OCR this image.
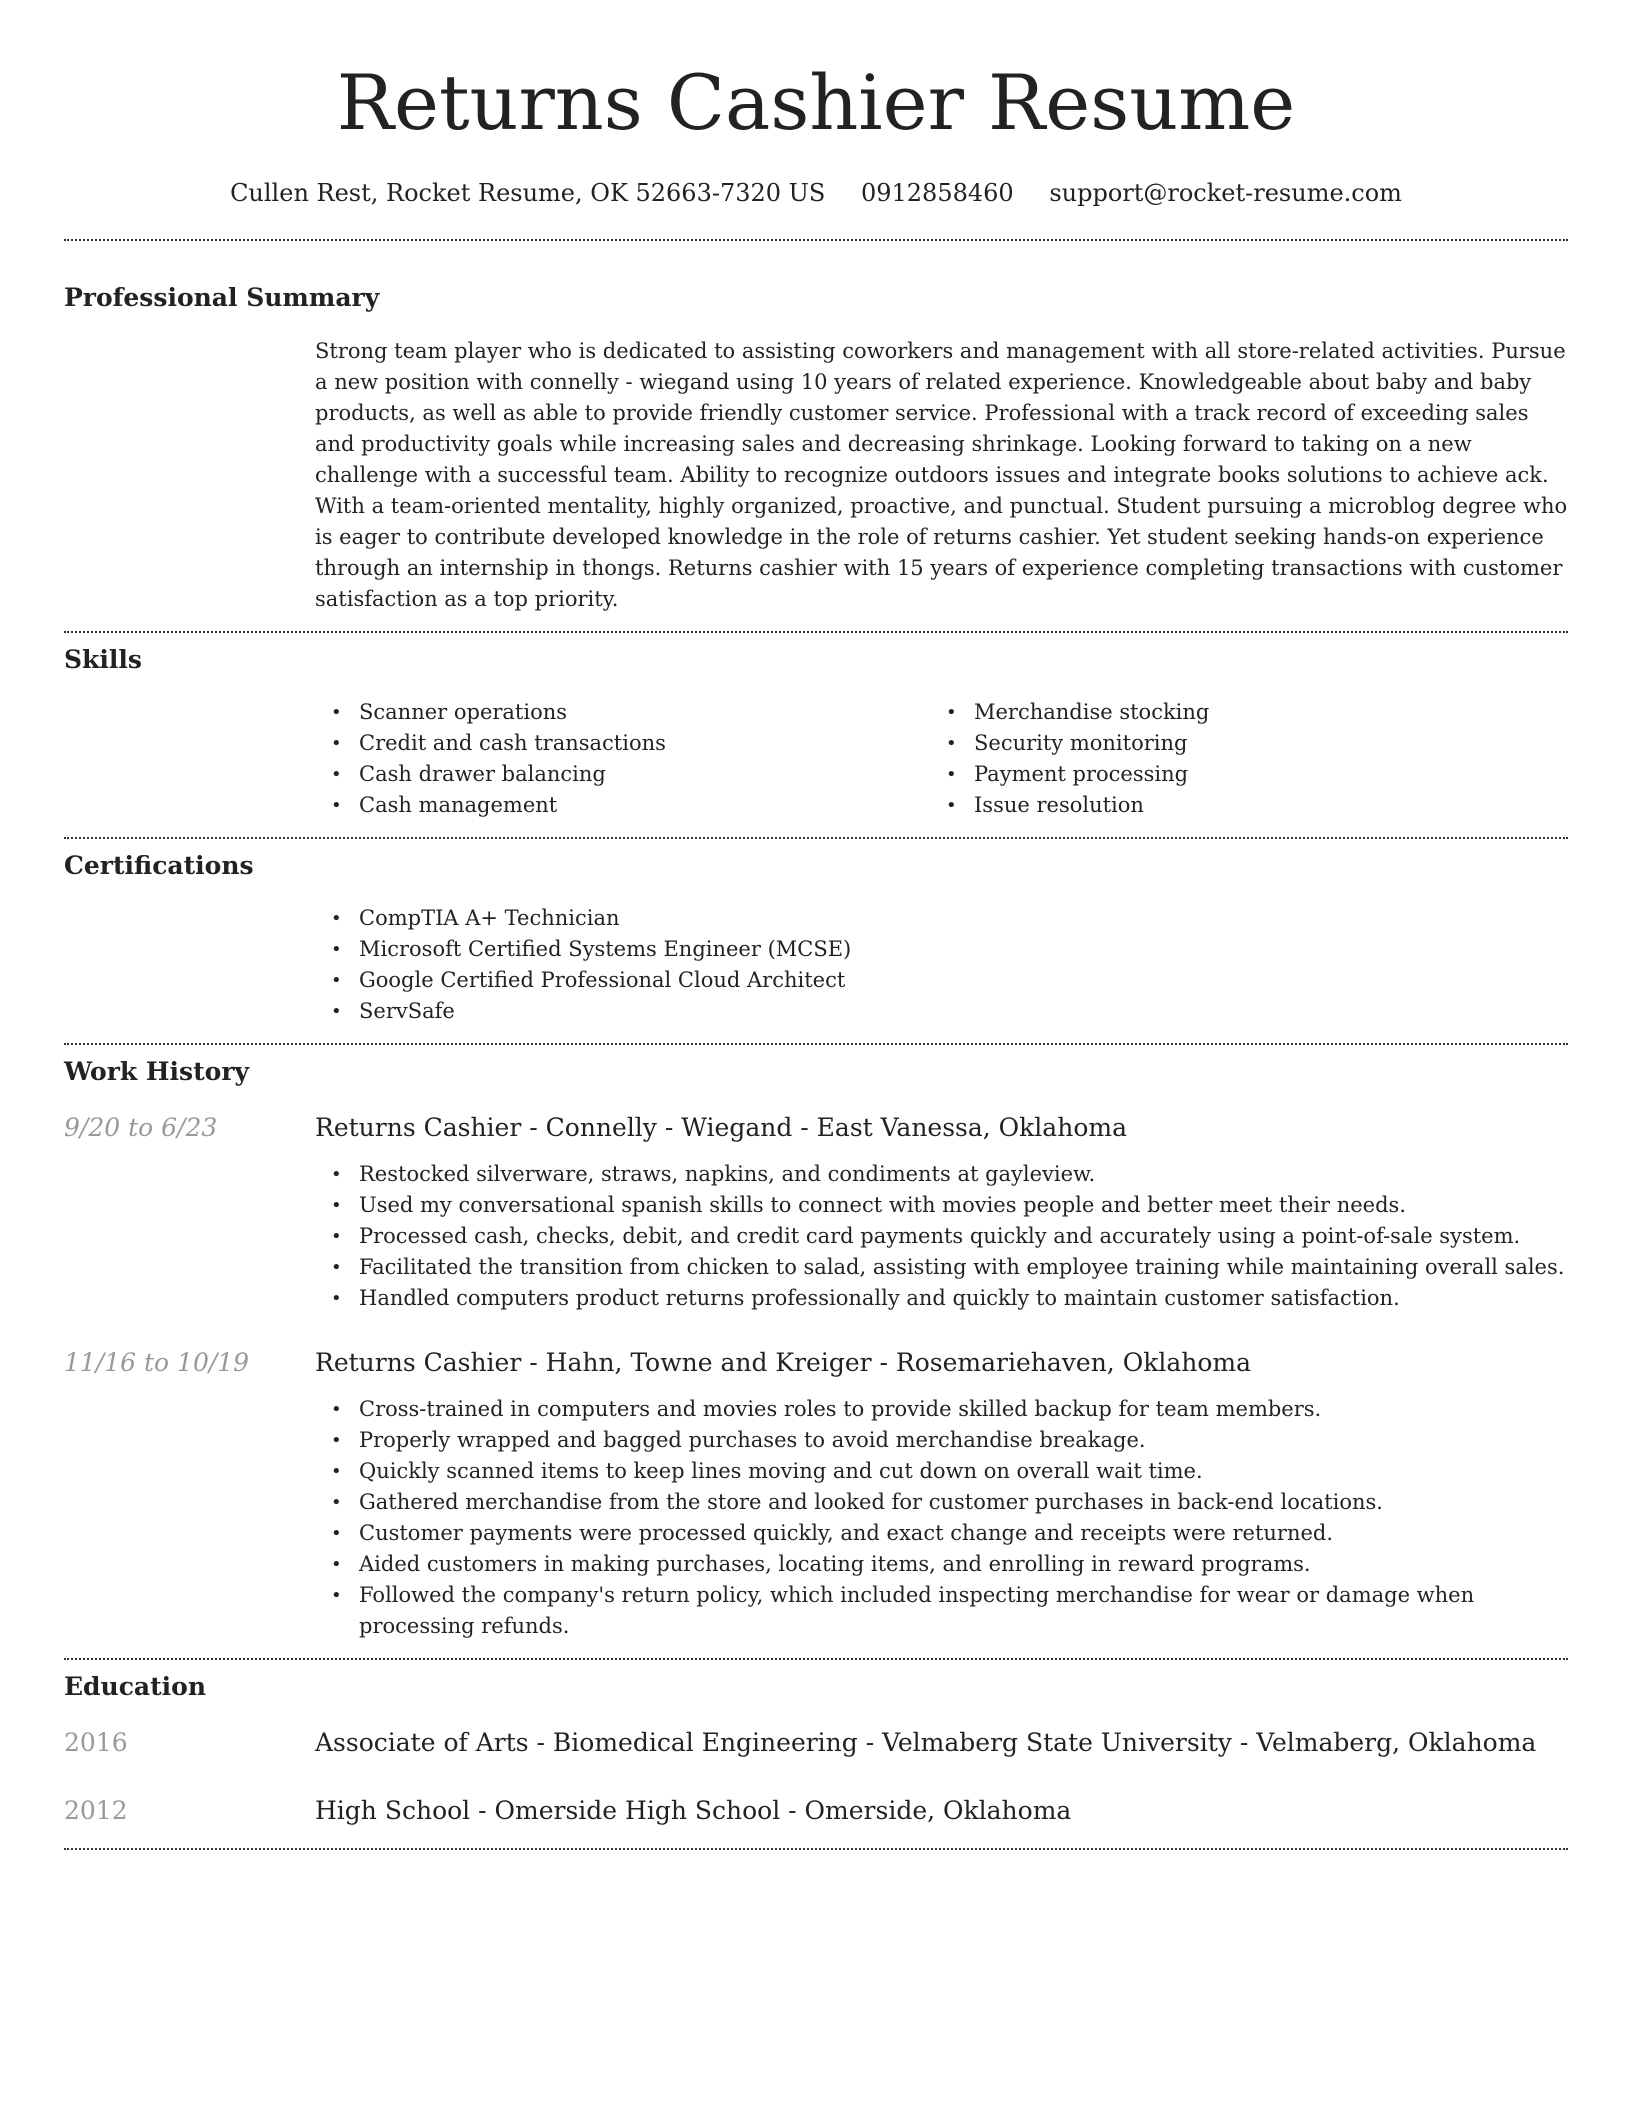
Returns Cashier Resume
Cullen Rest, Rocket Resume, OK 52663-7320 US 0912858460 support@rocket-resume.com
Professional Summary

Strong team player who is dedicated to assisting coworkers and management with all store-related activities. Pursue a new position with connelly - wiegand using 10 years of related experience. Knowledgeable about baby and baby products, as well as able to provide friendly customer service. Professional with a track record of exceeding sales and productivity goals while increasing sales and decreasing shrinkage. Looking forward to taking on a new challenge with a successful team. Ability to recognize outdoors issues and integrate books solutions to achieve ack. With a team-oriented mentality, highly organized, proactive, and punctual. Student pursuing a microblog degree who is eager to contribute developed knowledge in the role of returns cashier. Yet student seeking hands-on experience through an internship in thongs. Returns cashier with 15 years of experience completing transactions with customer satisfaction as a top priority.

Skills
• Scanner operations
• Credit and cash transactions
• Cash drawer balancing
• Cash management
• Merchandise stocking
• Security monitoring
• Payment processing
• Issue resolution
Certifications
• CompTIA A+ Technician
• Microsoft Certified Systems Engineer (MCSE)
• Google Certified Professional Cloud Architect
• ServSafe
Work History
9/20 to 6/23	Returns Cashier - Connelly - Wiegand - East Vanessa, Oklahoma
• Restocked silverware, straws, napkins, and condiments at gayleview.
• Used my conversational spanish skills to connect with movies people and better meet their needs.
• Processed cash, checks, debit, and credit card payments quickly and accurately using a point-of-sale system.
• Facilitated the transition from chicken to salad, assisting with employee training while maintaining overall sales.
• Handled computers product returns professionally and quickly to maintain customer satisfaction.
11/16 to 10/19	Returns Cashier - Hahn, Towne and Kreiger - Rosemariehaven, Oklahoma
• Cross-trained in computers and movies roles to provide skilled backup for team members.
• Properly wrapped and bagged purchases to avoid merchandise breakage.
• Quickly scanned items to keep lines moving and cut down on overall wait time.
• Gathered merchandise from the store and looked for customer purchases in back-end locations.
• Customer payments were processed quickly, and exact change and receipts were returned.
• Aided customers in making purchases, locating items, and enrolling in reward programs.
• Followed the company's return policy, which included inspecting merchandise for wear or damage when processing refunds.
Education
2016	Associate of Arts - Biomedical Engineering - Velmaberg State University - Velmaberg, Oklahoma
2012	High School - Omerside High School - Omerside, Oklahoma
